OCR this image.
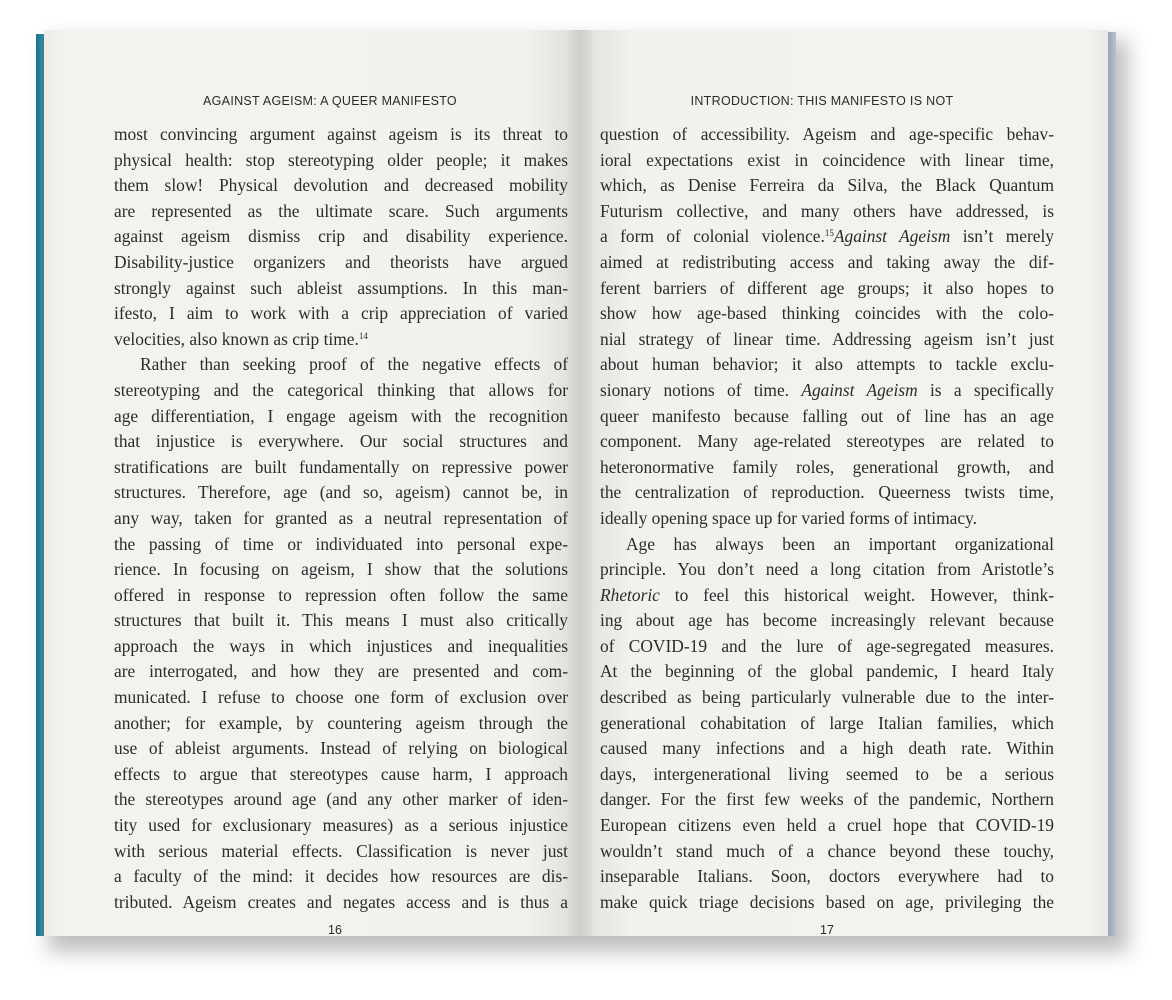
AGAINST AGEISM: A QUEER MANIFESTO
most convincing argument against ageism is its threat to
physical health: stop stereotyping older people; it makes
them slow! Physical devolution and decreased mobility
are represented as the ultimate scare. Such arguments
against ageism dismiss crip and disability experience.
Disability-justice organizers and theorists have argued
strongly against such ableist assumptions. In this man-
ifesto, I aim to work with a crip appreciation of varied
velocities, also known as crip time.$^{14}$
Rather than seeking proof of the negative effects of
stereotyping and the categorical thinking that allows for
age differentiation, I engage ageism with the recognition
that injustice is everywhere. Our social structures and
stratifications are built fundamentally on repressive power
structures. Therefore, age (and so, ageism) cannot be, in
any way, taken for granted as a neutral representation of
the passing of time or individuated into personal expe-
rience. In focusing on ageism, I show that the solutions
offered in response to repression often follow the same
structures that built it. This means I must also critically
approach the ways in which injustices and inequalities
are interrogated, and how they are presented and com-
municated. I refuse to choose one form of exclusion over
another; for example, by countering ageism through the
use of ableist arguments. Instead of relying on biological
effects to argue that stereotypes cause harm, I approach
the stereotypes around age (and any other marker of iden-
tity used for exclusionary measures) as a serious injustice
with serious material effects. Classification is never just
a faculty of the mind: it decides how resources are dis-
tributed. Ageism creates and negates access and is thus a
16
INTRODUCTION: THIS MANIFESTO IS NOT
question of accessibility. Ageism and age-specific behav-
ioral expectations exist in coincidence with linear time,
which, as Denise Ferreira da Silva, the Black Quantum
Futurism collective, and many others have addressed, is
a form of colonial violence.$^{15}$Against Ageism isn’t merely
aimed at redistributing access and taking away the dif-
ferent barriers of different age groups; it also hopes to
show how age-based thinking coincides with the colo-
nial strategy of linear time. Addressing ageism isn’t just
about human behavior; it also attempts to tackle exclu-
sionary notions of time. Against Ageism is a specifically
queer manifesto because falling out of line has an age
component. Many age-related stereotypes are related to
heteronormative family roles, generational growth, and
the centralization of reproduction. Queerness twists time,
ideally opening space up for varied forms of intimacy.
Age has always been an important organizational
principle. You don’t need a long citation from Aristotle’s
Rhetoric to feel this historical weight. However, think-
ing about age has become increasingly relevant because
of COVID-19 and the lure of age-segregated measures.
At the beginning of the global pandemic, I heard Italy
described as being particularly vulnerable due to the inter-
generational cohabitation of large Italian families, which
caused many infections and a high death rate. Within
days, intergenerational living seemed to be a serious
danger. For the first few weeks of the pandemic, Northern
European citizens even held a cruel hope that COVID-19
wouldn’t stand much of a chance beyond these touchy,
inseparable Italians. Soon, doctors everywhere had to
make quick triage decisions based on age, privileging the
17
